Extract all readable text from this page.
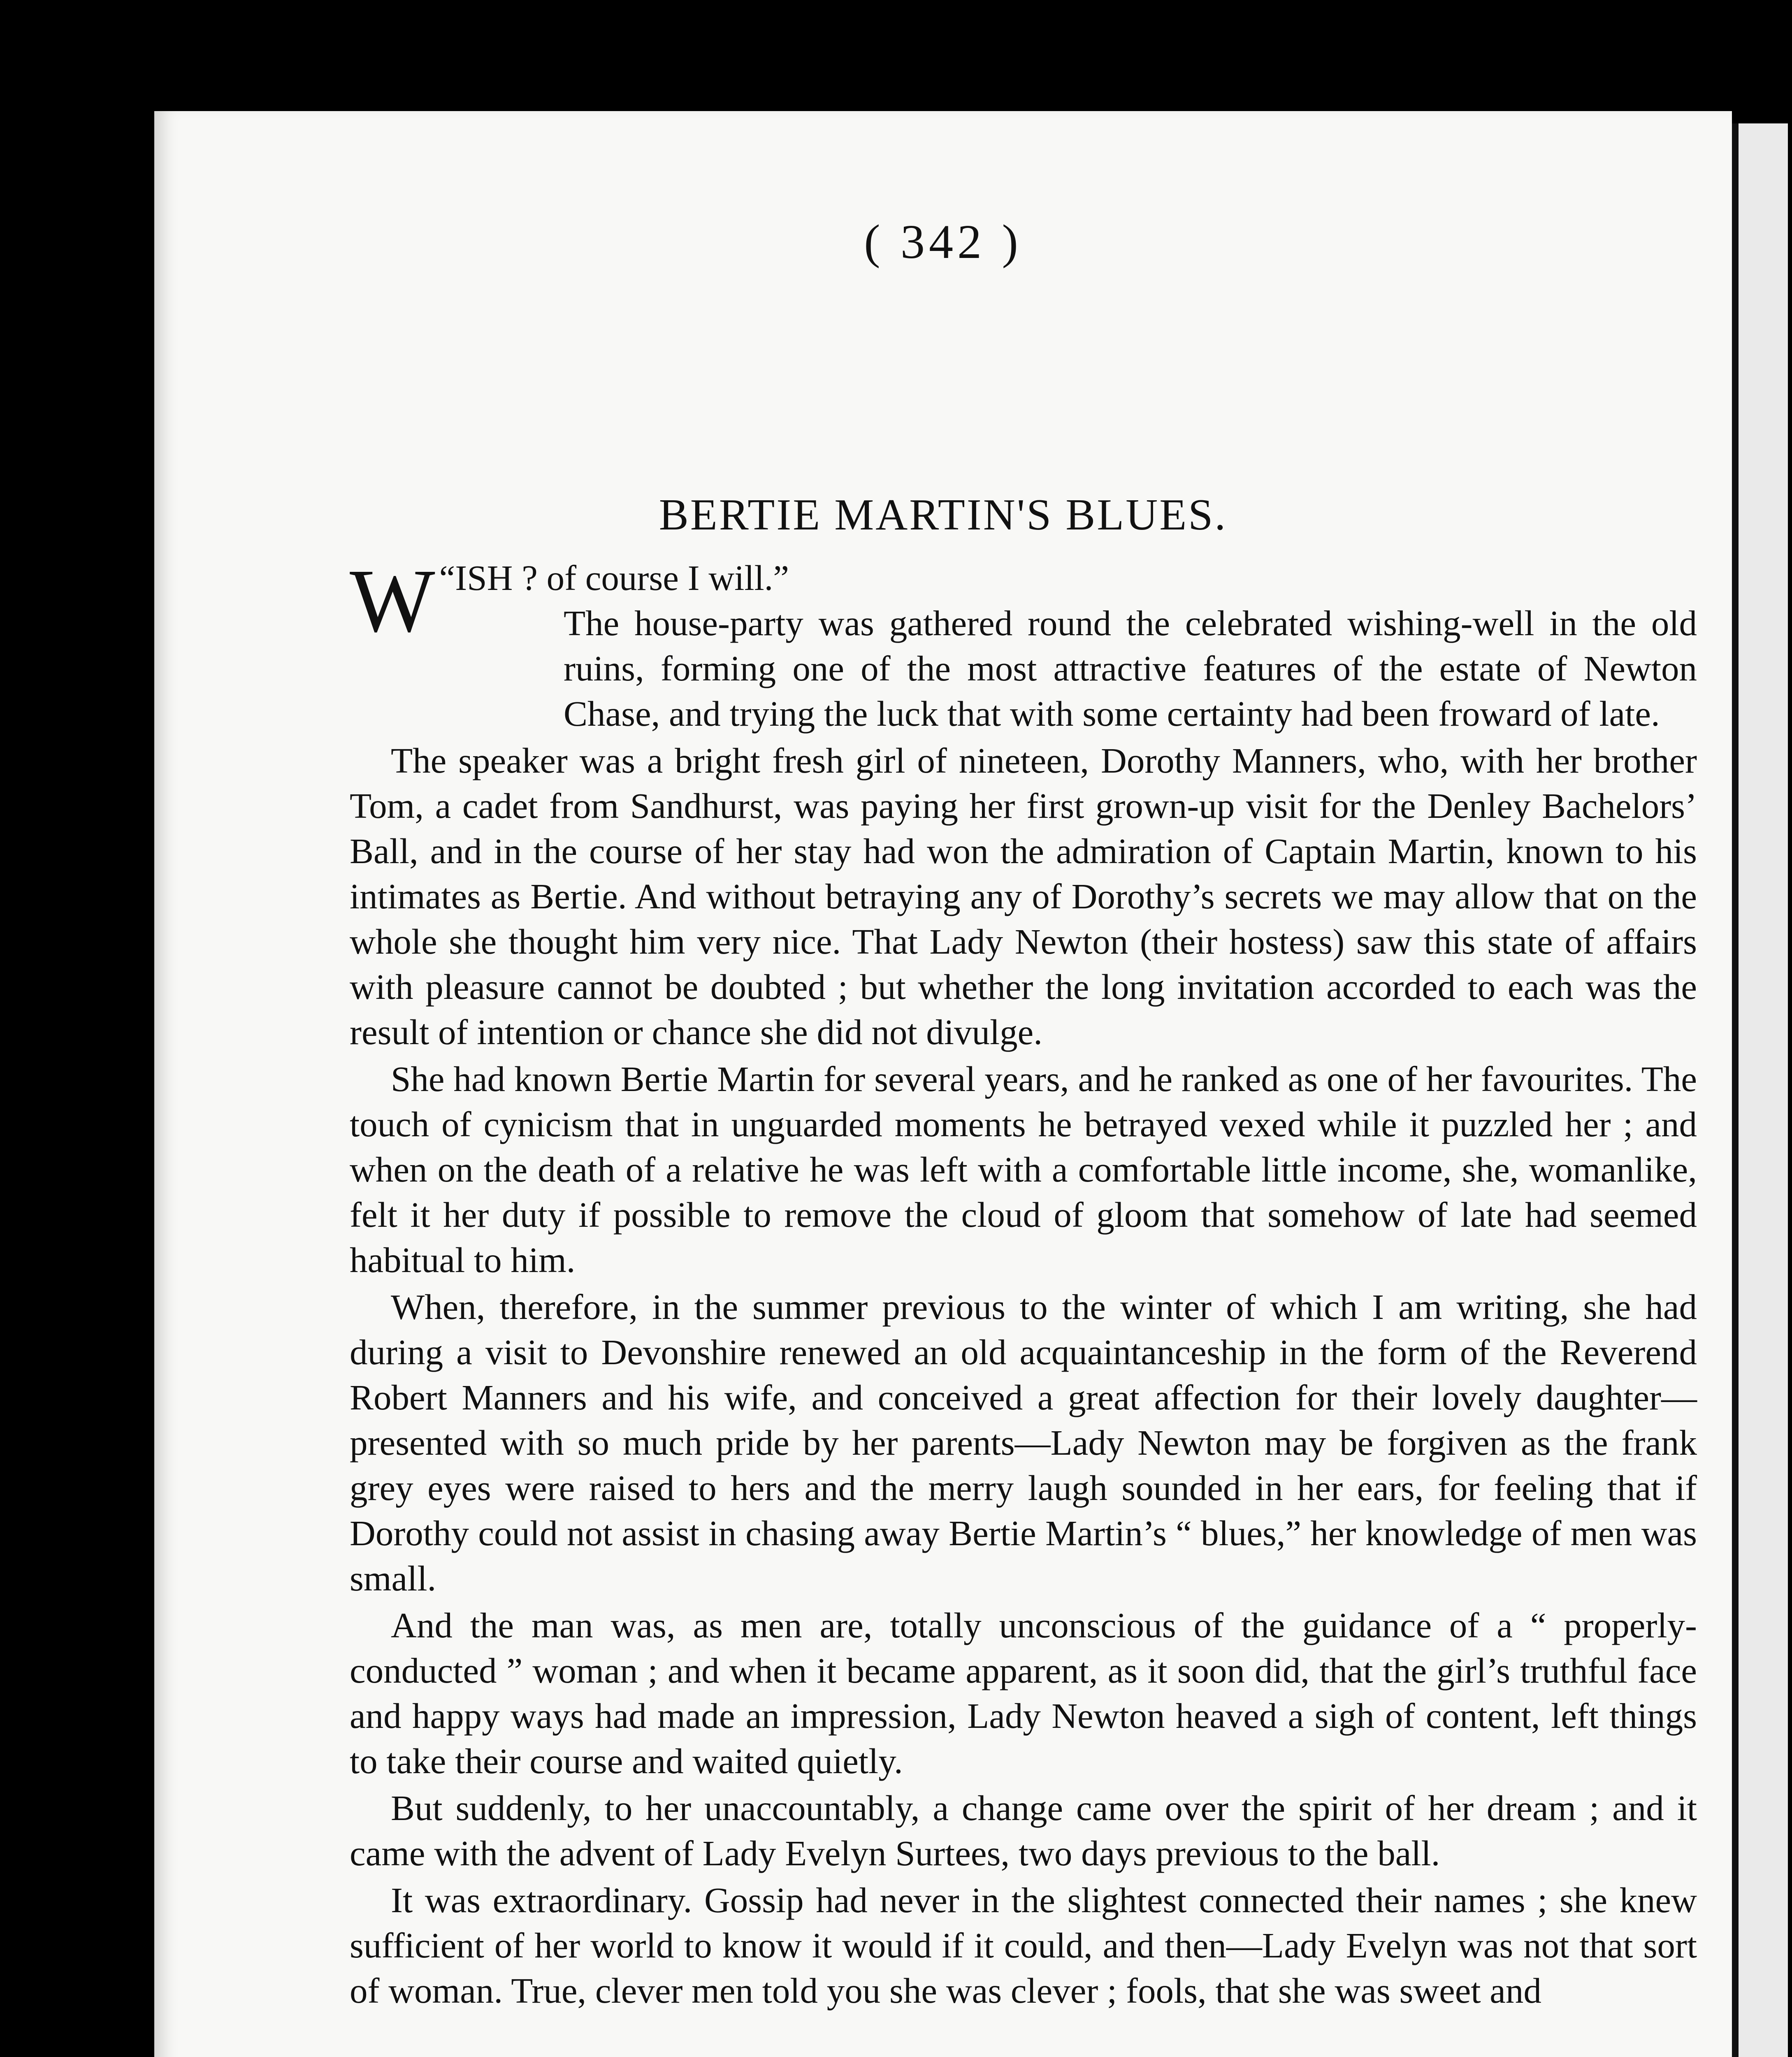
( 342 )
BERTIE MARTIN'S BLUES.

“
W ISH ? of course I will.”

The house-party was gathered round the celebrated wishing-well in the old ruins, forming one of the most attractive features of the estate of Newton Chase, and trying the luck that with some certainty had been froward of late.

The speaker was a bright fresh girl of nineteen, Dorothy Manners, who, with her brother Tom, a cadet from Sandhurst, was paying her first grown-up visit for the Denley Bachelors’ Ball, and in the course of her stay had won the admiration of Captain Martin, known to his intimates as Bertie. And without betraying any of Dorothy’s secrets we may allow that on the whole she thought him very nice. That Lady Newton (their hostess) saw this state of affairs with pleasure cannot be doubted ; but whether the long invitation accorded to each was the result of intention or chance she did not divulge.

She had known Bertie Martin for several years, and he ranked as one of her favourites. The touch of cynicism that in unguarded moments he betrayed vexed while it puzzled her ; and when on the death of a relative he was left with a comfortable little income, she, womanlike, felt it her duty if possible to remove the cloud of gloom that somehow of late had seemed habitual to him.

When, therefore, in the summer previous to the winter of which I am writing, she had during a visit to Devonshire renewed an old acquaintanceship in the form of the Reverend Robert Manners and his wife, and conceived a great affection for their lovely daughter—presented with so much pride by her parents—Lady Newton may be forgiven as the frank grey eyes were raised to hers and the merry laugh sounded in her ears, for feeling that if Dorothy could not assist in chasing away Bertie Martin’s “ blues,” her knowledge of men was small.

And the man was, as men are, totally unconscious of the guidance of a “ properly-conducted ” woman ; and when it became apparent, as it soon did, that the girl’s truthful face and happy ways had made an impression, Lady Newton heaved a sigh of content, left things to take their course and waited quietly.

But suddenly, to her unaccountably, a change came over the spirit of her dream ; and it came with the advent of Lady Evelyn Surtees, two days previous to the ball.

It was extraordinary. Gossip had never in the slightest connected their names ; she knew sufficient of her world to know it would if it could, and then—Lady Evelyn was not that sort of woman. True, clever men told you she was clever ; fools, that she was sweet and
